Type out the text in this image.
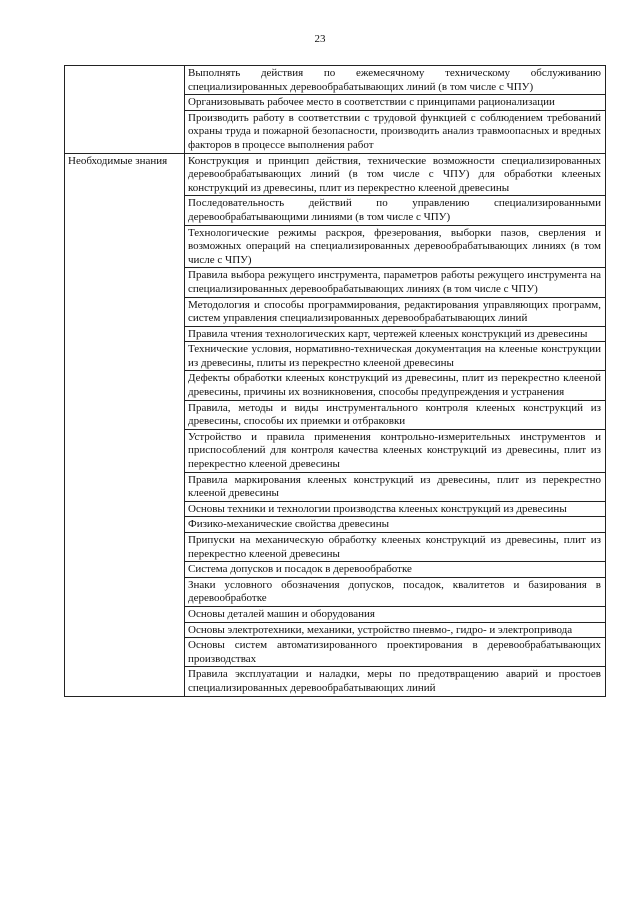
23
	Выполнять действия по ежемесячному техническому обслуживанию специализированных деревообрабатывающих линий (в том числе с ЧПУ)
	Организовывать рабочее место в соответствии с принципами рационализации
	Производить работу в соответствии с трудовой функцией с соблюдением требований охраны труда и пожарной безопасности, производить анализ травмоопасных и вредных факторов в процессе выполнения работ
Необходимые знания	Конструкция и принцип действия, технические возможности специализированных деревообрабатывающих линий (в том числе с ЧПУ) для обработки клееных конструкций из древесины, плит из перекрестно клееной древесины
	Последовательность действий по управлению специализированными деревообрабатывающими линиями (в том числе с ЧПУ)
	Технологические режимы раскроя, фрезерования, выборки пазов, сверления и возможных операций на специализированных деревообрабатывающих линиях (в том числе с ЧПУ)
	Правила выбора режущего инструмента, параметров работы режущего инструмента на специализированных деревообрабатывающих линиях (в том числе с ЧПУ)
	Методология и способы программирования, редактирования управляющих программ, систем управления специализированных деревообрабатывающих линий
	Правила чтения технологических карт, чертежей клееных конструкций из древесины
	Технические условия, нормативно-техническая документация на клееные конструкции из древесины, плиты из перекрестно клееной древесины
	Дефекты обработки клееных конструкций из древесины, плит из перекрестно клееной древесины, причины их возникновения, способы предупреждения и устранения
	Правила, методы и виды инструментального контроля клееных конструкций из древесины, способы их приемки и отбраковки
	Устройство и правила применения контрольно-измерительных инструментов и приспособлений для контроля качества клееных конструкций из древесины, плит из перекрестно клееной древесины
	Правила маркирования клееных конструкций из древесины, плит из перекрестно клееной древесины
	Основы техники и технологии производства клееных конструкций из древесины
	Физико-механические свойства древесины
	Припуски на механическую обработку клееных конструкций из древесины, плит из перекрестно клееной древесины
	Система допусков и посадок в деревообработке
	Знаки условного обозначения допусков, посадок, квалитетов и базирования в деревообработке
	Основы деталей машин и оборудования
	Основы электротехники, механики, устройство пневмо-, гидро- и электропривода
	Основы систем автоматизированного проектирования в деревообрабатывающих производствах
	Правила эксплуатации и наладки, меры по предотвращению аварий и простоев специализированных деревообрабатывающих линий
